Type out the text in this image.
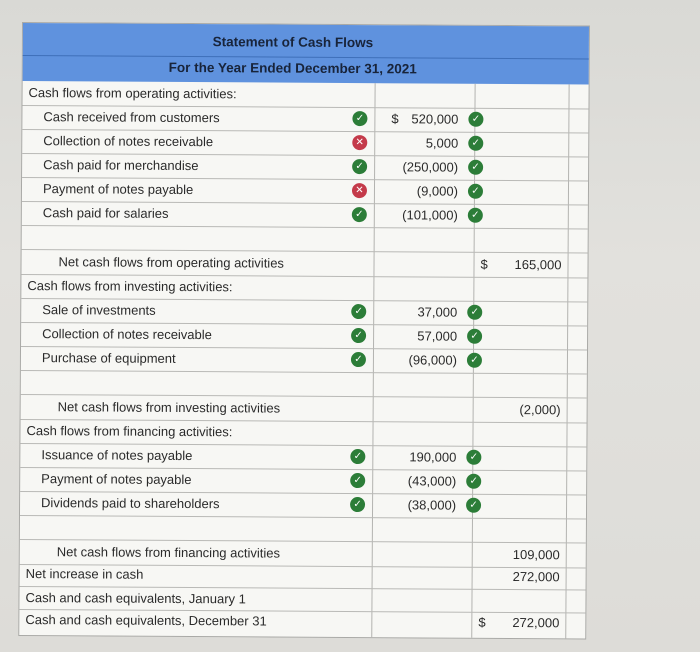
Statement of Cash Flows
For the Year Ended December 31, 2021
Cash flows from operating activities:
Cash received from customers	✓ $ 520,000	✓
Collection of notes receivable	✕	5,000	✓
Cash paid for merchandise	✓	(250,000)	✓
Payment of notes payable	✕	(9,000)	✓
Cash paid for salaries	✓	(101,000)	✓
Net cash flows from operating activities	$ 165,000
Cash flows from investing activities:
Sale of investments	✓	37,000	✓
Collection of notes receivable	✓	57,000	✓
Purchase of equipment	✓	(96,000)	✓
Net cash flows from investing activities	(2,000)
Cash flows from financing activities:
Issuance of notes payable	✓	190,000	✓
Payment of notes payable	✓	(43,000)	✓
Dividends paid to shareholders	✓	(38,000)	✓
Net cash flows from financing activities	109,000
Net increase in cash	272,000
Cash and cash equivalents, January 1
Cash and cash equivalents, December 31	$ 272,000
